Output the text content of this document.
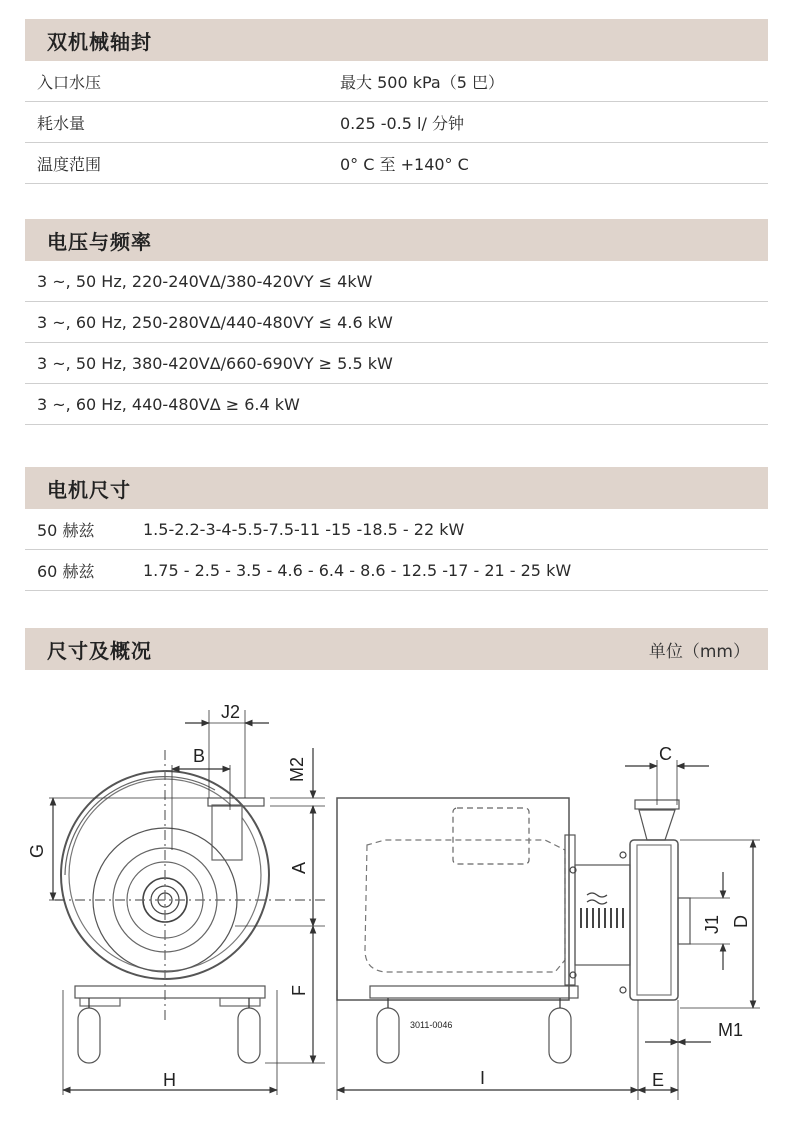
双机械轴封
入口水压	最大 500 kPa（5 巴）
耗水量	0.25 -0.5 l/ 分钟
温度范围	0° C 至 +140° C
电压与频率
3 ~, 50 Hz, 220-240VΔ/380-420VY ≤ 4kW
3 ~, 60 Hz, 250-280VΔ/440-480VY ≤ 4.6 kW
3 ~, 50 Hz, 380-420VΔ/660-690VY ≥ 5.5 kW
3 ~, 60 Hz, 440-480VΔ ≥ 6.4 kW
电机尺寸
50 赫兹	1.5-2.2-3-4-5.5-7.5-11 -15 -18.5 - 22 kW
60 赫兹	1.75 - 2.5 - 3.5 - 4.6 - 6.4 - 8.6 - 12.5 -17 - 21 - 25 kW
尺寸及概况	单位（mm）
J2
B
M2
G
A
F
H	I
C
D
J1
M1
E
3011-0046
